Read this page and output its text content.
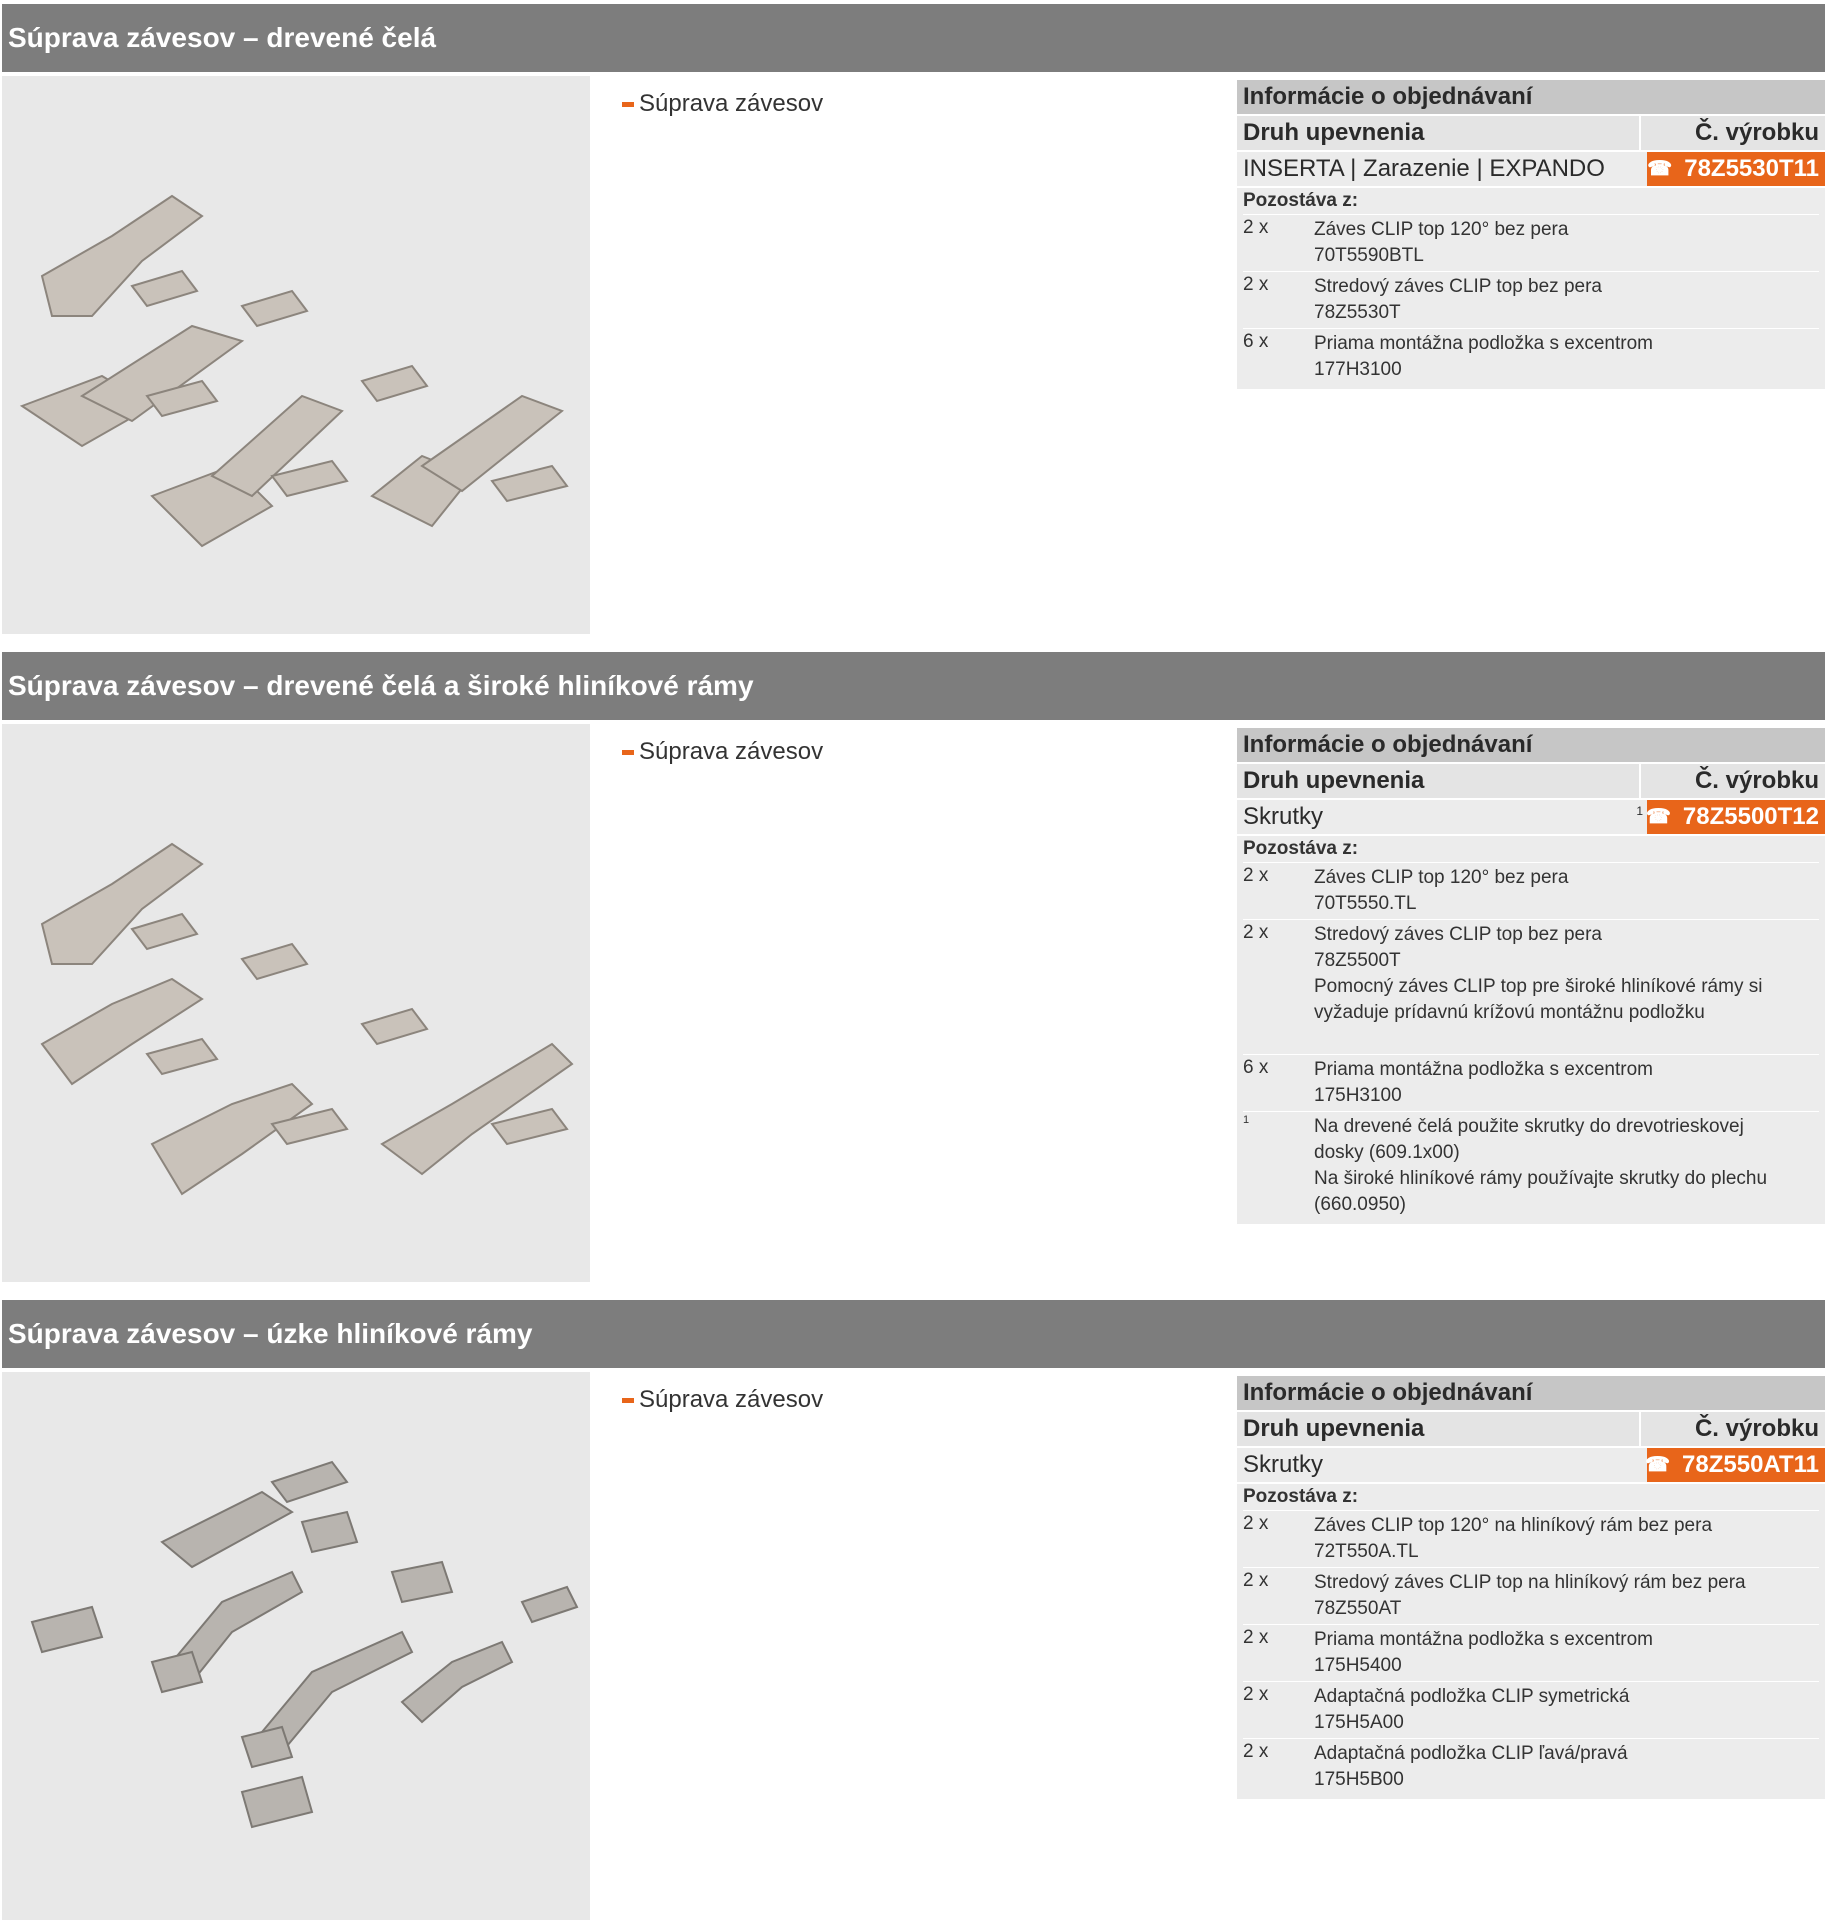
Súprava závesov – drevené čelá
Súprava závesov	Informácie o objednávaní
Druh upevnenia	Č. výrobku
INSERTA | Zarazenie | EXPANDO	☎ 78Z5530T11
Pozostáva z:
2 x	Záves CLIP top 120° bez pera
70T5590BTL
2 x	Stredový záves CLIP top bez pera
78Z5530T
6 x	Priama montážna podložka s excentrom
177H3100
Súprava závesov – drevené čelá a široké hliníkové rámy
Súprava závesov	Informácie o objednávaní
Druh upevnenia	Č. výrobku
Skrutky	1 ☎ 78Z5500T12
Pozostáva z:
2 x	Záves CLIP top 120° bez pera
70T5550.TL
2 x	Stredový záves CLIP top bez pera
78Z5500T
Pomocný záves CLIP top pre široké hliníkové rámy si
vyžaduje prídavnú krížovú montážnu podložku
6 x	Priama montážna podložka s excentrom
175H3100
$^1$	Na drevené čelá použite skrutky do drevotrieskovej
dosky (609.1x00)
Na široké hliníkové rámy používajte skrutky do plechu
(660.0950)
Súprava závesov – úzke hliníkové rámy
Súprava závesov	Informácie o objednávaní
Druh upevnenia	Č. výrobku
Skrutky	☎ 78Z550AT11
Pozostáva z:
2 x	Záves CLIP top 120° na hliníkový rám bez pera
72T550A.TL
2 x	Stredový záves CLIP top na hliníkový rám bez pera
78Z550AT
2 x	Priama montážna podložka s excentrom
175H5400
2 x	Adaptačná podložka CLIP symetrická
175H5A00
2 x	Adaptačná podložka CLIP ľavá/pravá
175H5B00
